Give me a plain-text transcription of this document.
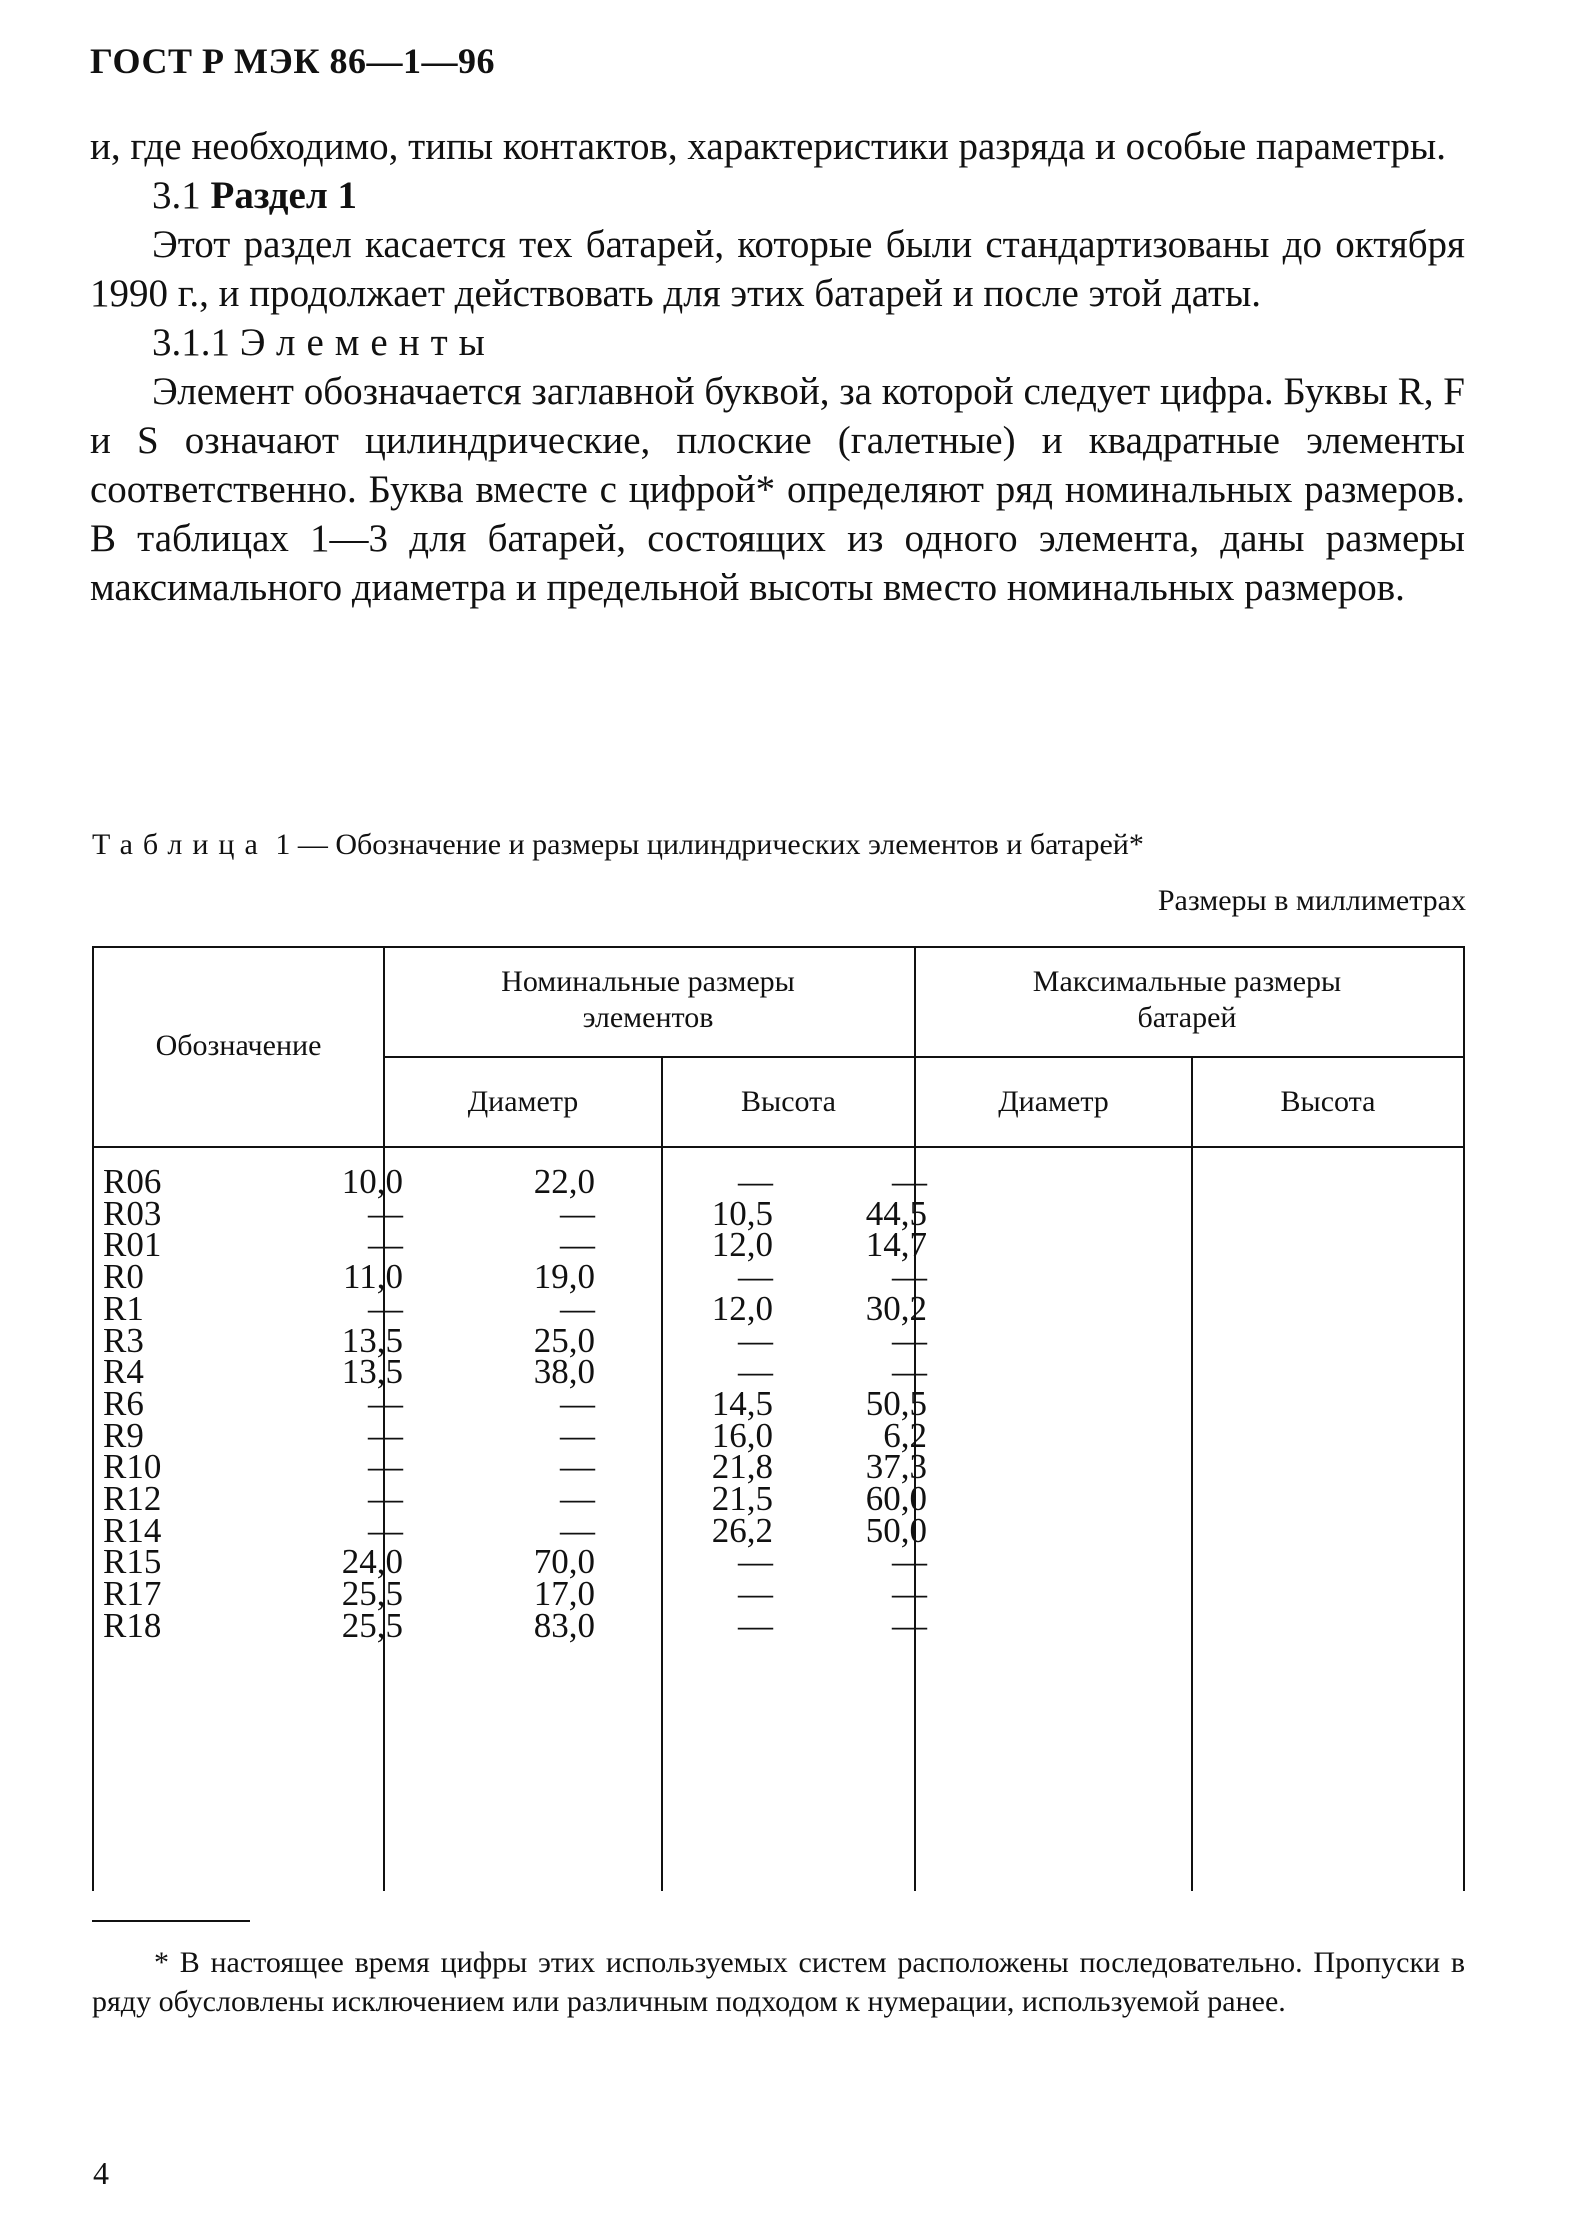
ГОСТ Р МЭК 86—1—96

и, где необходимо, типы контактов, характеристики разряда и особые параметры.

3.1 Раздел 1

Этот раздел касается тех батарей, которые были стандартизованы до октября 1990 г., и продолжает действовать для этих батарей и после этой даты.

3.1.1 Элементы

Элемент обозначается заглавной буквой, за которой следует цифра. Буквы R, F и S означают цилиндрические, плоские (галетные) и квадратные элементы соответственно. Буква вместе с цифрой* определяют ряд номинальных размеров. В таблицах 1—3 для батарей, состоящих из одного элемента, даны размеры максимального диаметра и предельной высоты вместо номинальных размеров.

Таблица 1 — Обозначение и размеры цилиндрических элементов и батарей*
Размеры в миллиметрах
Обозначение
Номинальные размеры элементов
Максимальные размеры батарей
Диаметр	Высота	Диаметр	Высота
R06	10,0	22,0	—	—
R03	—	—	10,5	44,5
R01	—	—	12,0	14,7
R0	11,0	19,0	—	—
R1	—	—	12,0	30,2
R3	13,5	25,0	—	—
R4	13,5	38,0	—	—
R6	—	—	14,5	50,5
R9	—	—	16,0	6,2
R10	—	—	21,8	37,3
R12	—	—	21,5	60,0
R14	—	—	26,2	50,0
R15	24,0	70,0	—	—
R17	25,5	17,0	—	—
R18	25,5	83,0	—	—

* В настоящее время цифры этих используемых систем расположены последовательно. Пропуски в ряду обусловлены исключением или различным подходом к нумерации, используемой ранее.

4
